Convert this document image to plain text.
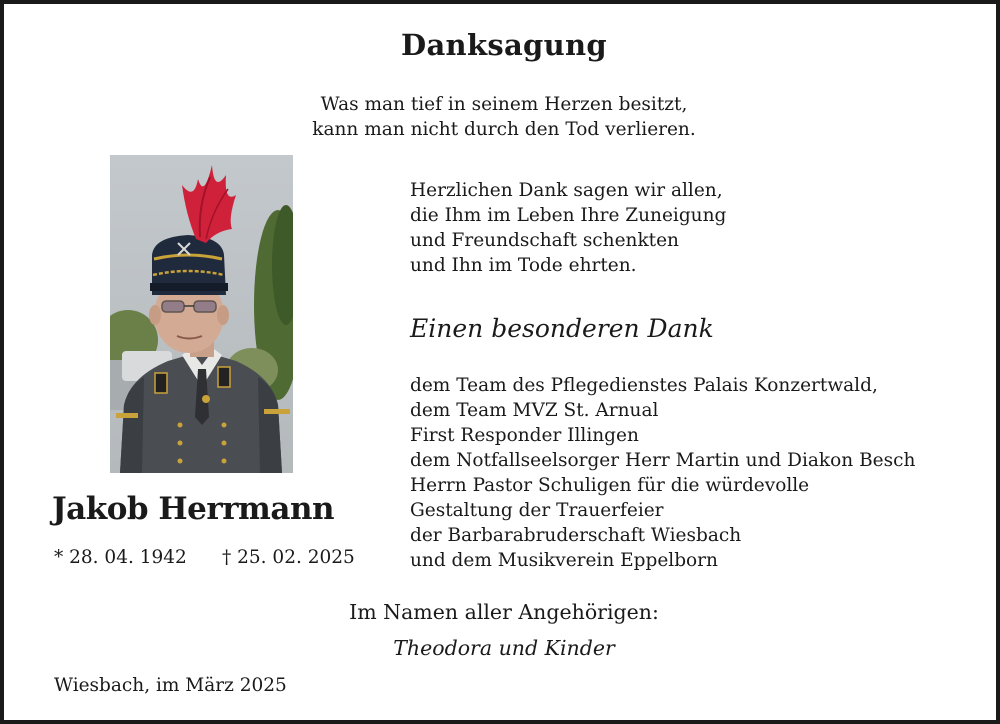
Danksagung
Was man tief in seinem Herzen besitzt,
kann man nicht durch den Tod verlieren.
Herzlichen Dank sagen wir allen,
die Ihm im Leben Ihre Zuneigung
und Freundschaft schenkten
und Ihn im Tode ehrten.
Einen besonderen Dank
dem Team des Pflegedienstes Palais Konzertwald,
dem Team MVZ St. Arnual
First Responder Illingen
dem Notfallseelsorger Herr Martin und Diakon Besch
Herrn Pastor Schuligen für die würdevolle
Gestaltung der Trauerfeier
der Barbarabruderschaft Wiesbach
und dem Musikverein Eppelborn
Jakob Herrmann
* 28. 04. 1942 † 25. 02. 2025
Im Namen aller Angehörigen:
Theodora und Kinder
Wiesbach, im März 2025
